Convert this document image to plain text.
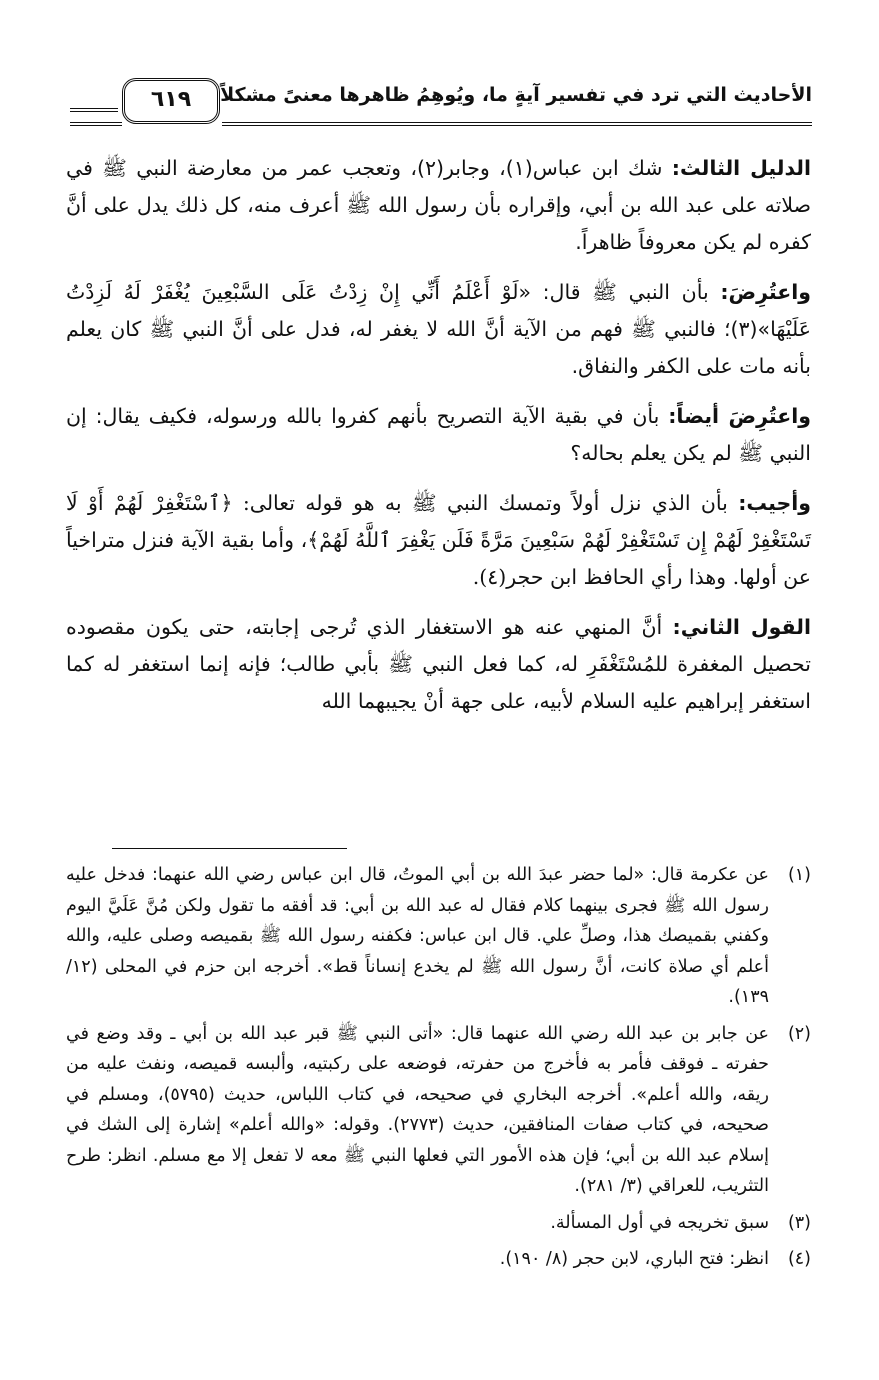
الأحاديث التي ترد في تفسير آيةٍ ما، ويُوهِمُ ظاهرها معنىً مشكلاً
٦١٩

الدليل الثالث: شك ابن عباس(١)، وجابر(٢)، وتعجب عمر من معارضة النبي ﷺ في صلاته على عبد الله بن أبي، وإقراره بأن رسول الله ﷺ أعرف منه، كل ذلك يدل على أنَّ كفره لم يكن معروفاً ظاهراً.

واعتُرِضَ: بأن النبي ﷺ قال: «لَوْ أَعْلَمُ أَنِّي إِنْ زِدْتُ عَلَى السَّبْعِينَ يُغْفَرْ لَهُ لَزِدْتُ عَلَيْهَا»(٣)؛ فالنبي ﷺ فهم من الآية أنَّ الله لا يغفر له، فدل على أنَّ النبي ﷺ كان يعلم بأنه مات على الكفر والنفاق.

واعتُرِضَ أيضاً: بأن في بقية الآية التصريح بأنهم كفروا بالله ورسوله، فكيف يقال: إن النبي ﷺ لم يكن يعلم بحاله؟

وأجيب: بأن الذي نزل أولاً وتمسك النبي ﷺ به هو قوله تعالى: ﴿ٱسْتَغْفِرْ لَهُمْ أَوْ لَا تَسْتَغْفِرْ لَهُمْ إِن تَسْتَغْفِرْ لَهُمْ سَبْعِينَ مَرَّةً فَلَن يَغْفِرَ ٱللَّهُ لَهُمْ﴾، وأما بقية الآية فنزل متراخياً عن أولها. وهذا رأي الحافظ ابن حجر(٤).

القول الثاني: أنَّ المنهي عنه هو الاستغفار الذي تُرجى إجابته، حتى يكون مقصوده تحصيل المغفرة للمُسْتَغْفَرِ له، كما فعل النبي ﷺ بأبي طالب؛ فإنه إنما استغفر له كما استغفر إبراهيم عليه السلام لأبيه، على جهة أنْ يجيبهما الله

(١)
عن عكرمة قال: «لما حضر عبدَ الله بن أبي الموتُ، قال ابن عباس رضي الله عنهما: فدخل عليه رسول الله ﷺ فجرى بينهما كلام فقال له عبد الله بن أبي: قد أفقه ما تقول ولكن مُنَّ عَلَيَّ اليوم وكفني بقميصك هذا، وصلِّ علي. قال ابن عباس: فكفنه رسول الله ﷺ بقميصه وصلى عليه، والله أعلم أي صلاة كانت، أنَّ رسول الله ﷺ لم يخدع إنساناً قط». أخرجه ابن حزم في المحلى (١٢/ ١٣٩).
(٢)
عن جابر بن عبد الله رضي الله عنهما قال: «أتى النبي ﷺ قبر عبد الله بن أبي ـ وقد وضع في حفرته ـ فوقف فأمر به فأخرج من حفرته، فوضعه على ركبتيه، وألبسه قميصه، ونفث عليه من ريقه، والله أعلم». أخرجه البخاري في صحيحه، في كتاب اللباس، حديث (٥٧٩٥)، ومسلم في صحيحه، في كتاب صفات المنافقين، حديث (٢٧٧٣). وقوله: «والله أعلم» إشارة إلى الشك في إسلام عبد الله بن أبي؛ فإن هذه الأمور التي فعلها النبي ﷺ معه لا تفعل إلا مع مسلم. انظر: طرح التثريب، للعراقي (٣/ ٢٨١).
(٣)
سبق تخريجه في أول المسألة.
(٤)
انظر: فتح الباري، لابن حجر (٨/ ١٩٠).
